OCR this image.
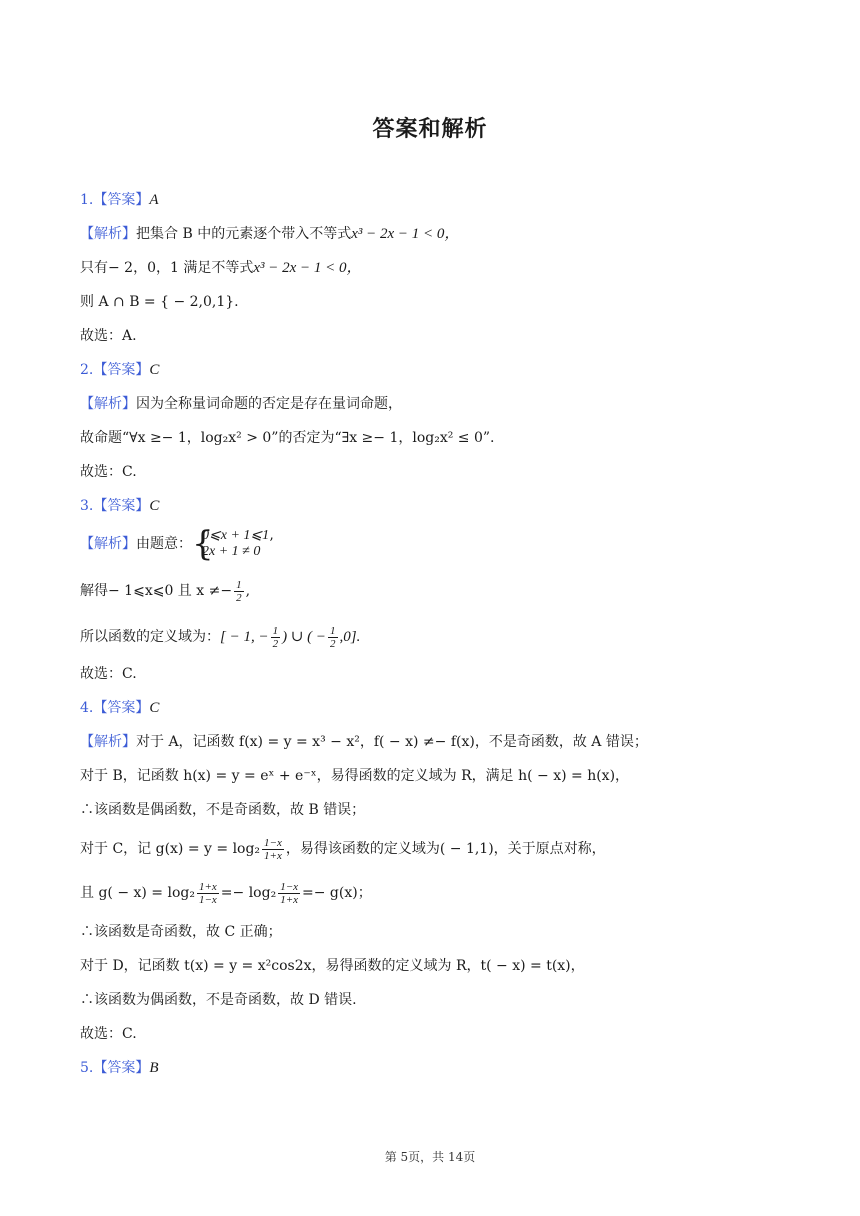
答案和解析
1.【答案】A
【解析】把集合 B 中的元素逐个带入不等式x³ − 2x − 1 < 0，
只有− 2，0，1 满足不等式x³ − 2x − 1 < 0，
则 A ∩ B = { − 2,0,1}.
故选：A.
2.【答案】C
【解析】因为全称量词命题的否定是存在量词命题，
故命题“∀x ≥− 1，log₂x² > 0”的否定为“∃x ≥− 1，log₂x² ≤ 0”.
故选：C.
3.【答案】C
【解析】由题意： {
0⩽x + 1⩽1
2x + 1 ≠ 0 ’
解得− 1⩽x⩽0 且 $x \ne- \frac{1}{2}$ ,
所以函数的定义域为：[ − 1, − $\frac{1}{2}$ ) ∪ ( − $\frac{1}{2} ,0$].
故选：C.
4.【答案】C
【解析】对于 A，记函数 f(x) = y = x³ − x²，f( − x) ≠− f(x)，不是奇函数，故 A 错误；
对于 B，记函数 h(x) = y = eˣ + e⁻ˣ，易得函数的定义域为 R，满足 h( − x) = h(x)，
∴该函数是偶函数，不是奇函数，故 B 错误；
对于 C，记 $g(x) = y = \log_2 \frac{1-x}{1+x}$ ，易得该函数的定义域为( − 1,1)，关于原点对称，
且 $g( - x) = \log_2 \frac{1+x}{1-x} =- \log_2 \frac{1-x}{1+x} =- g(x)$；
∴该函数是奇函数，故 C 正确；
对于 D，记函数 t(x) = y = x²cos2x，易得函数的定义域为 R，t( − x) = t(x)，
∴该函数为偶函数，不是奇函数，故 D 错误.
故选：C.
5.【答案】B
第 5页，共 14页
